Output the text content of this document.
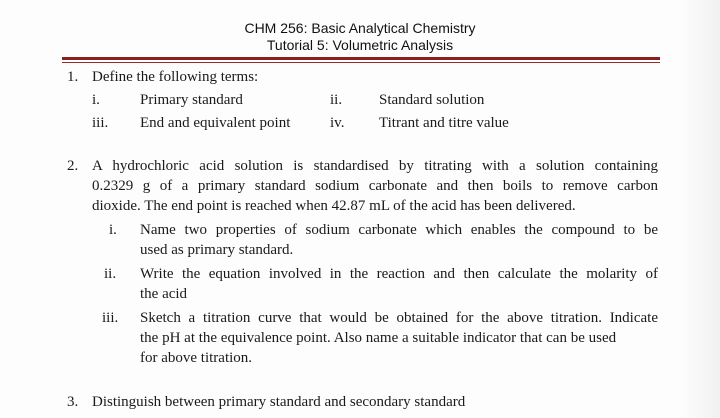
CHM 256: Basic Analytical Chemistry
Tutorial 5: Volumetric Analysis
1. Define the following terms:
i.	Primary standard	ii. Standard solution
iii. End and equivalent point	iv. Titrant and titre value
2. A hydrochloric acid solution is standardised by titrating with a solution containing
0.2329 g of a primary standard sodium carbonate and then boils to remove carbon
dioxide. The end point is reached when 42.87 mL of the acid has been delivered.
i. Name two properties of sodium carbonate which enables the compound to be
used as primary standard.
ii. Write the equation involved in the reaction and then calculate the molarity of
the acid
iii. Sketch a titration curve that would be obtained for the above titration. Indicate
the pH at the equivalence point. Also name a suitable indicator that can be used
for above titration.
3. Distinguish between primary standard and secondary standard
